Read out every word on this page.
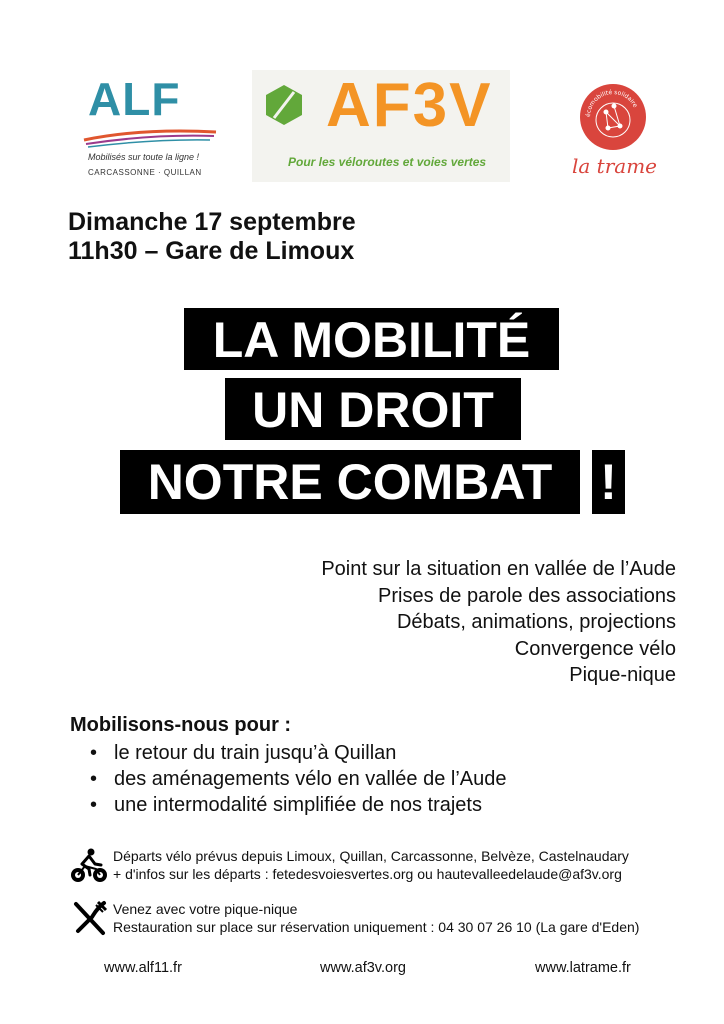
ALF
Mobilisés sur toute la ligne !
CARCASSONNE · QUILLAN
AF3V
Pour les véloroutes et voies vertes
écomobilité solidaire
la trame
Dimanche 17 septembre
11h30 – Gare de Limoux
LA MOBILITÉ
UN DROIT
NOTRE COMBAT !
Point sur la situation en vallée de l’Aude
Prises de parole des associations
Débats, animations, projections
Convergence vélo
Pique-nique
Mobilisons-nous pour :
• le retour du train jusqu’à Quillan
• des aménagements vélo en vallée de l’Aude
• une intermodalité simplifiée de nos trajets
Départs vélo prévus depuis Limoux, Quillan, Carcassonne, Belvèze, Castelnaudary
+ d'infos sur les départs : fetedesvoiesvertes.org ou hautevalleedelaude@af3v.org
Venez avec votre pique-nique
Restauration sur place sur réservation uniquement : 04 30 07 26 10 (La gare d'Eden)
www.alf11.fr	www.af3v.org	www.latrame.fr
